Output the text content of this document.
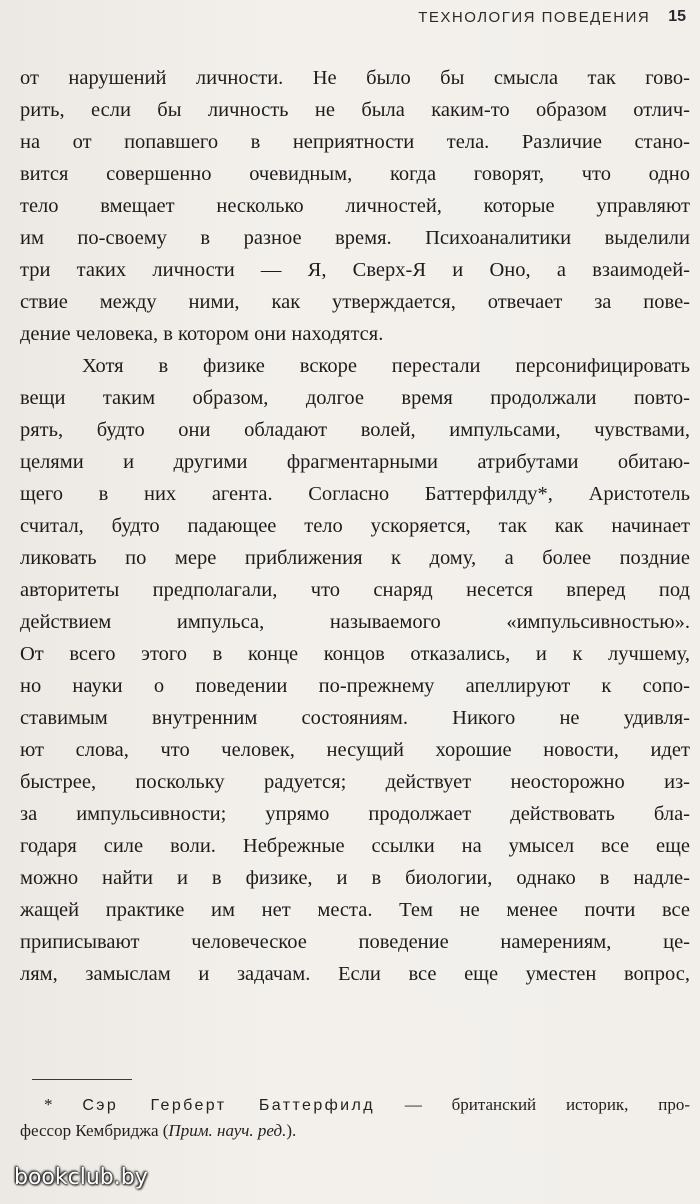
ТЕХНОЛОГИЯ ПОВЕДЕНИЯ 15
от нарушений личности. Не было бы смысла так гово-
рить, если бы личность не была каким-то образом отлич-
на от попавшего в неприятности тела. Различие стано-
вится совершенно очевидным, когда говорят, что одно
тело вмещает несколько личностей, которые управляют
им по-своему в разное время. Психоаналитики выделили
три таких личности — Я, Сверх-Я и Оно, а взаимодей-
ствие между ними, как утверждается, отвечает за пове-
дение человека, в котором они находятся.
Хотя в физике вскоре перестали персонифицировать
вещи таким образом, долгое время продолжали повто-
рять, будто они обладают волей, импульсами, чувствами,
целями и другими фрагментарными атрибутами обитаю-
щего в них агента. Согласно Баттерфилду*, Аристотель
считал, будто падающее тело ускоряется, так как начинает
ликовать по мере приближения к дому, а более поздние
авторитеты предполагали, что снаряд несется вперед под
действием импульса, называемого «импульсивностью».
От всего этого в конце концов отказались, и к лучшему,
но науки о поведении по-прежнему апеллируют к сопо-
ставимым внутренним состояниям. Никого не удивля-
ют слова, что человек, несущий хорошие новости, идет
быстрее, поскольку радуется; действует неосторожно из-
за импульсивности; упрямо продолжает действовать бла-
годаря силе воли. Небрежные ссылки на умысел все еще
можно найти и в физике, и в биологии, однако в надле-
жащей практике им нет места. Тем не менее почти все
приписывают человеческое поведение намерениям, це-
лям, замыслам и задачам. Если все еще уместен вопрос,
* Сэр Герберт Баттерфилд — британский историк, про-
фессор Кембриджа (Прим. науч. ред.).
bookclub.by
